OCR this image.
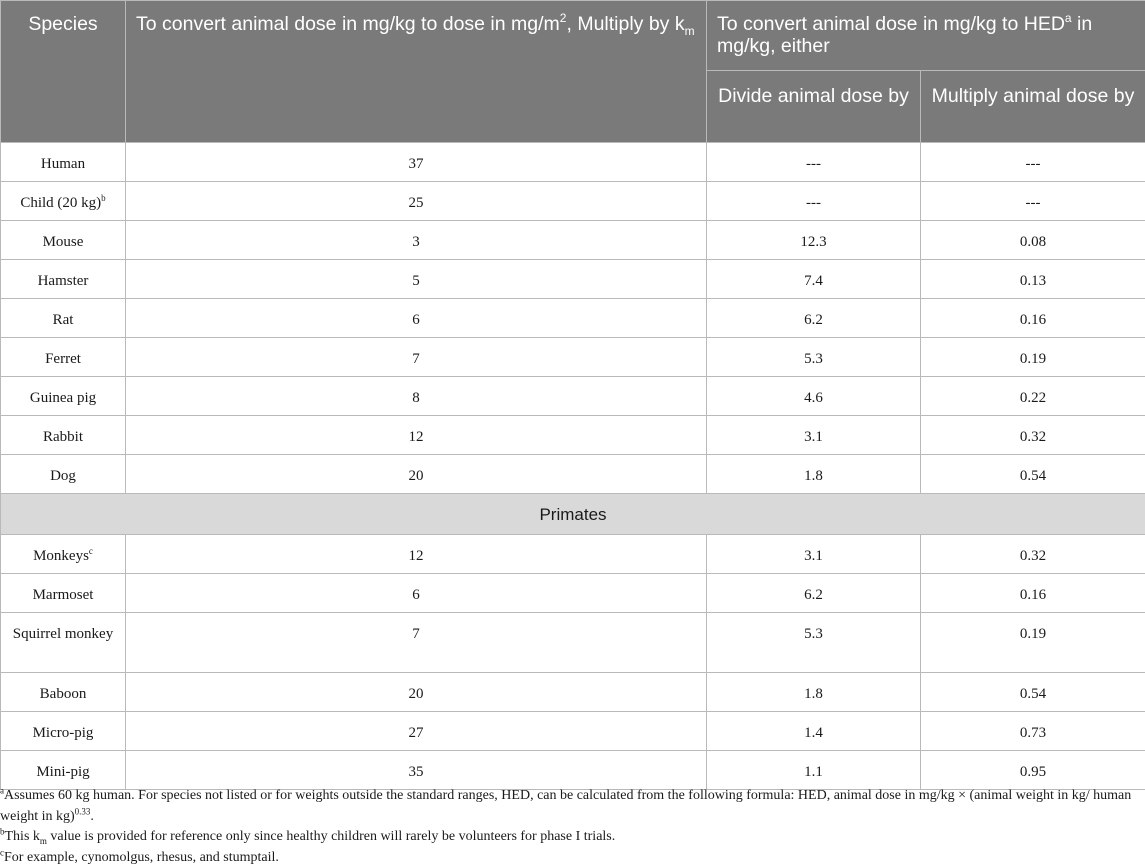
Species	To convert animal dose in mg/kg to dose in $mg/m^2$, Multiply by $k_m$	To convert animal dose in mg/kg to HED$^a$ in mg/kg, either	
		Divide animal dose by	Multiply animal dose by
Human	37	---	---
Child (20 kg)$^b$	25	---	---
Mouse	3	12.3	0.08
Hamster	5	7.4	0.13
Rat	6	6.2	0.16
Ferret	7	5.3	0.19
Guinea pig	8	4.6	0.22
Rabbit	12	3.1	0.32
Dog	20	1.8	0.54
Primates			
Monkeys$^c$	12	3.1	0.32
Marmoset	6	6.2	0.16
Squirrel monkey	7	5.3	0.19
Baboon	20	1.8	0.54
Micro-pig	27	1.4	0.73
Mini-pig	35	1.1	0.95

$^a$Assumes 60 kg human. For species not listed or for weights outside the standard ranges, HED, can be calculated from the following formula: HED, animal dose in mg/kg × (animal weight in kg/ human weight in kg)$^{0.33}$.

$^b$This $k_m$ value is provided for reference only since healthy children will rarely be volunteers for phase I trials.

$^c$For example, cynomolgus, rhesus, and stumptail.
